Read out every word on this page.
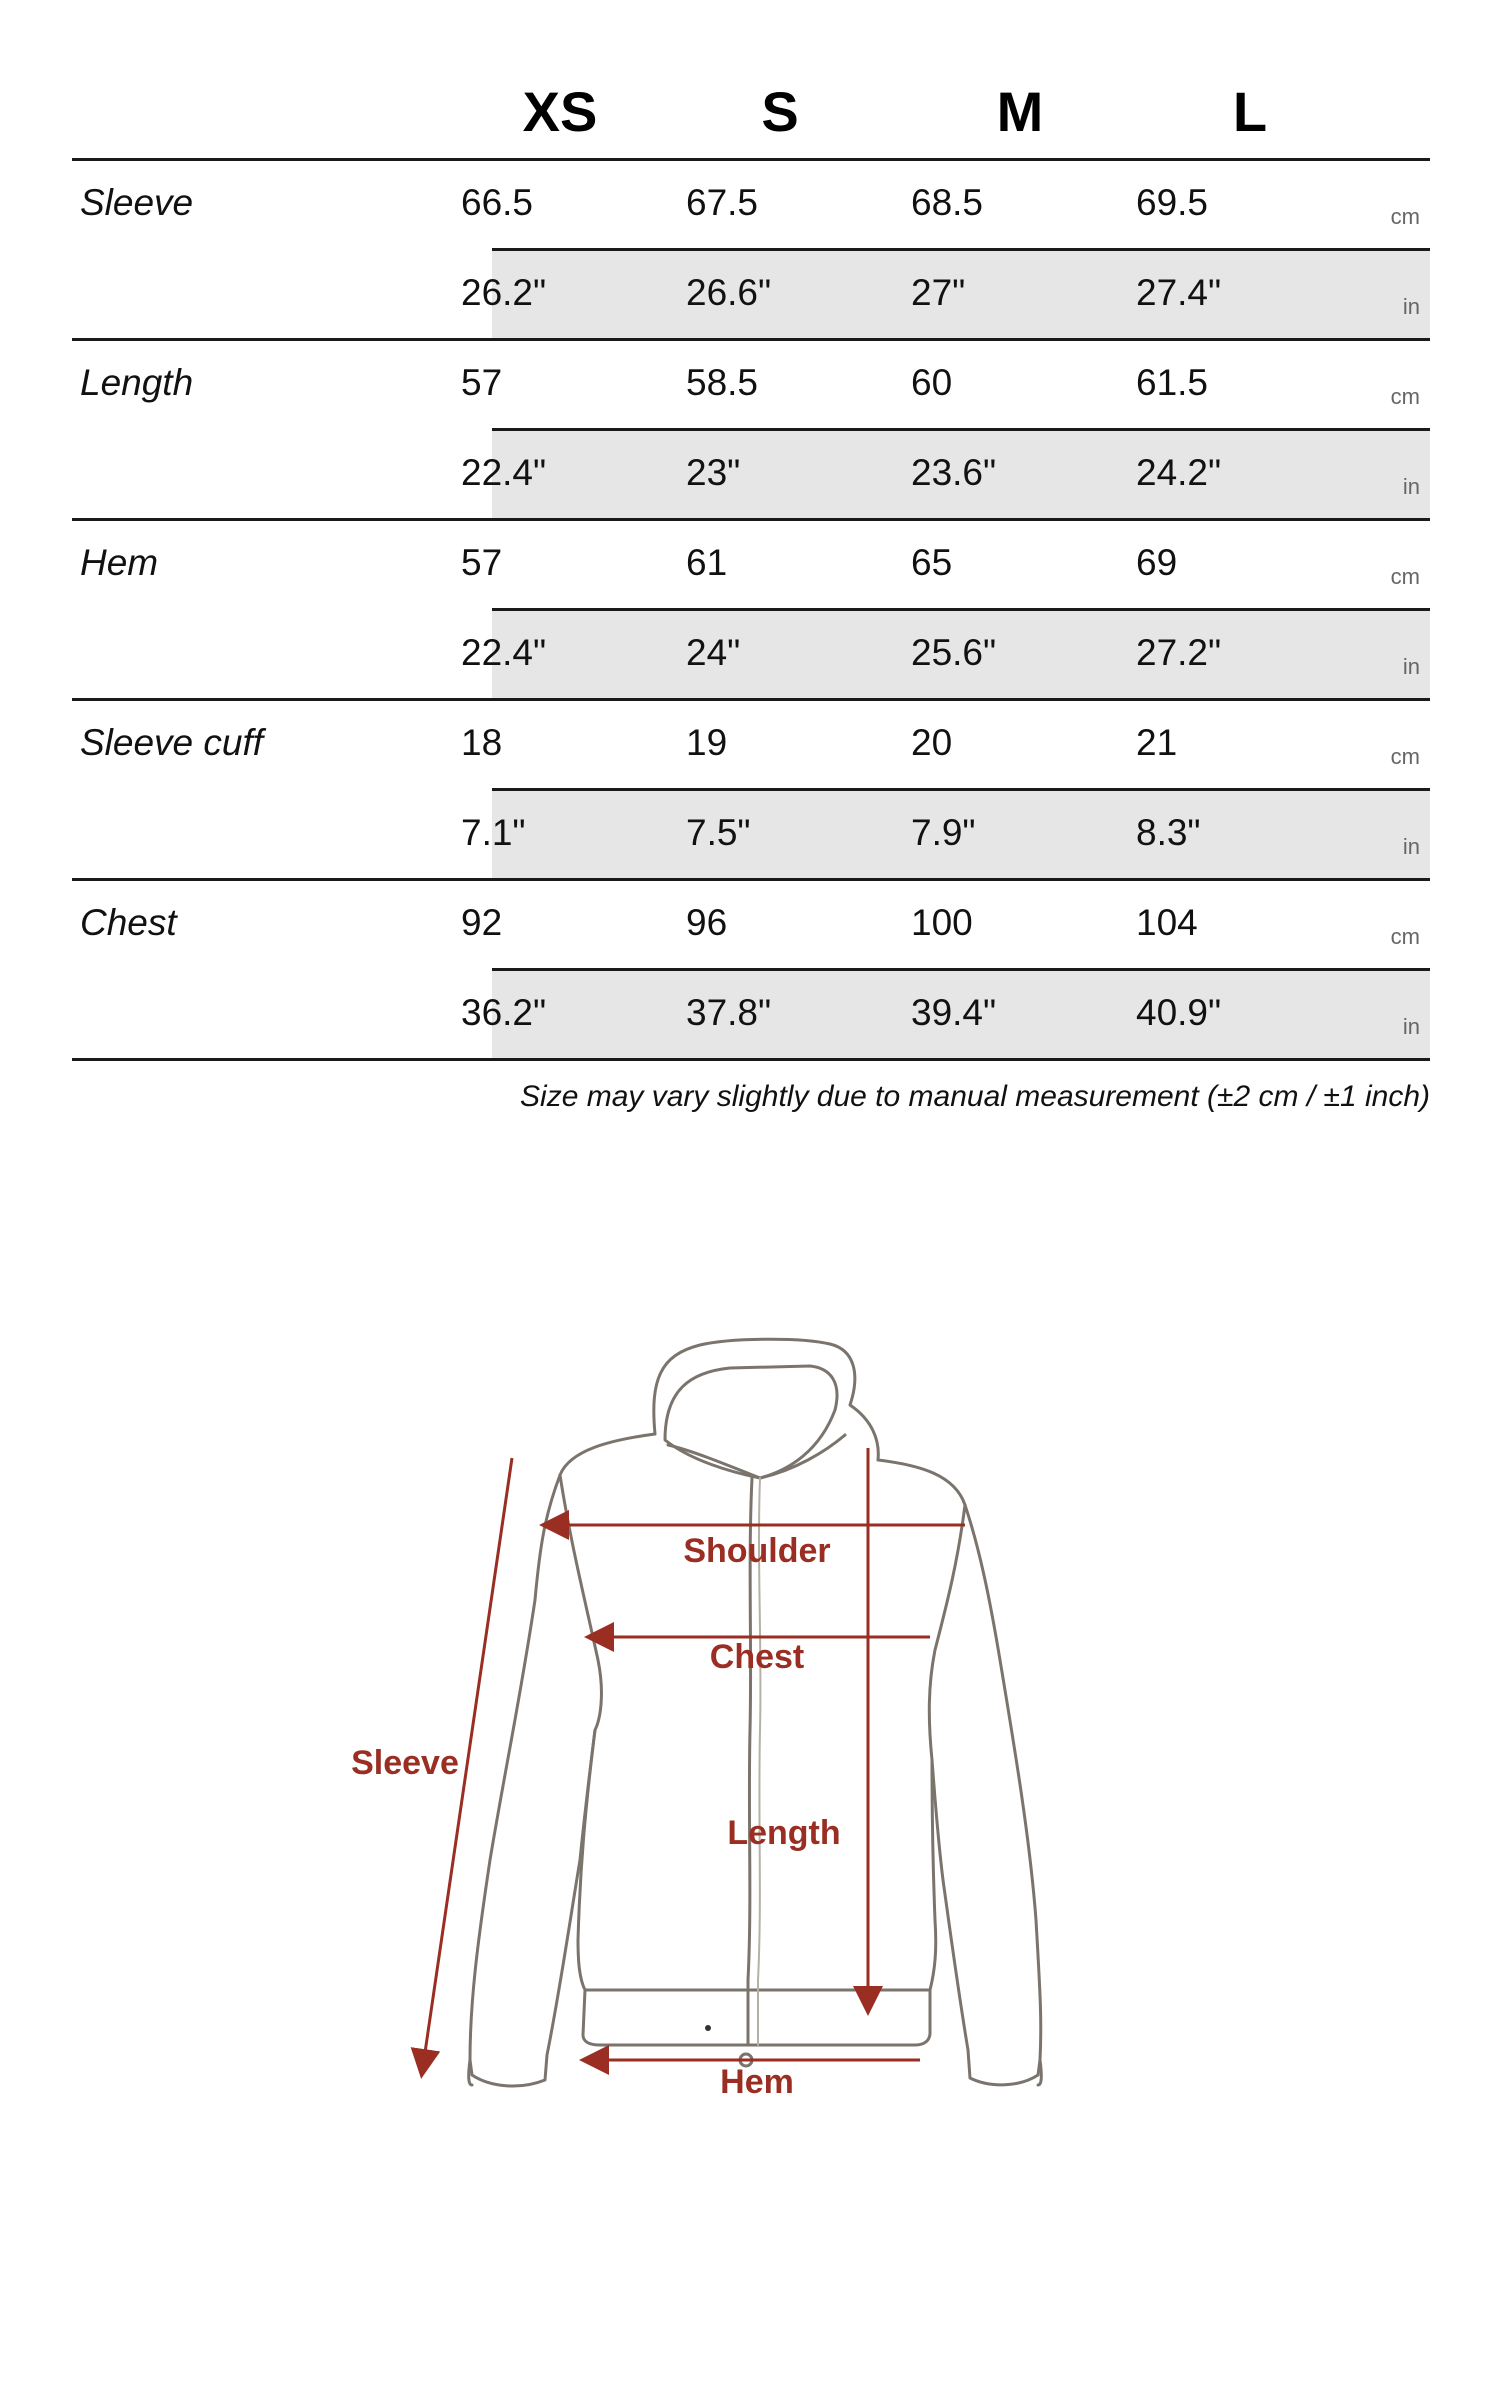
XS	S	M	L
Sleeve	66.5	67.5	68.5	69.5	cm
26.2"	26.6"	27"	27.4"	in
Length	57	58.5	60	61.5	cm
22.4"	23"	23.6"	24.2"	in
Hem	57	61	65	69	cm
22.4"	24"	25.6"	27.2"	in
Sleeve cuff	18	19	20	21	cm
7.1"	7.5"	7.9"	8.3"	in
Chest	92	96	100	104	cm
36.2"	37.8"	39.4"	40.9"	in
Size may vary slightly due to manual measurement (±2 cm / ±1 inch)
Shoulder
Chest
Sleeve
Length
Hem
